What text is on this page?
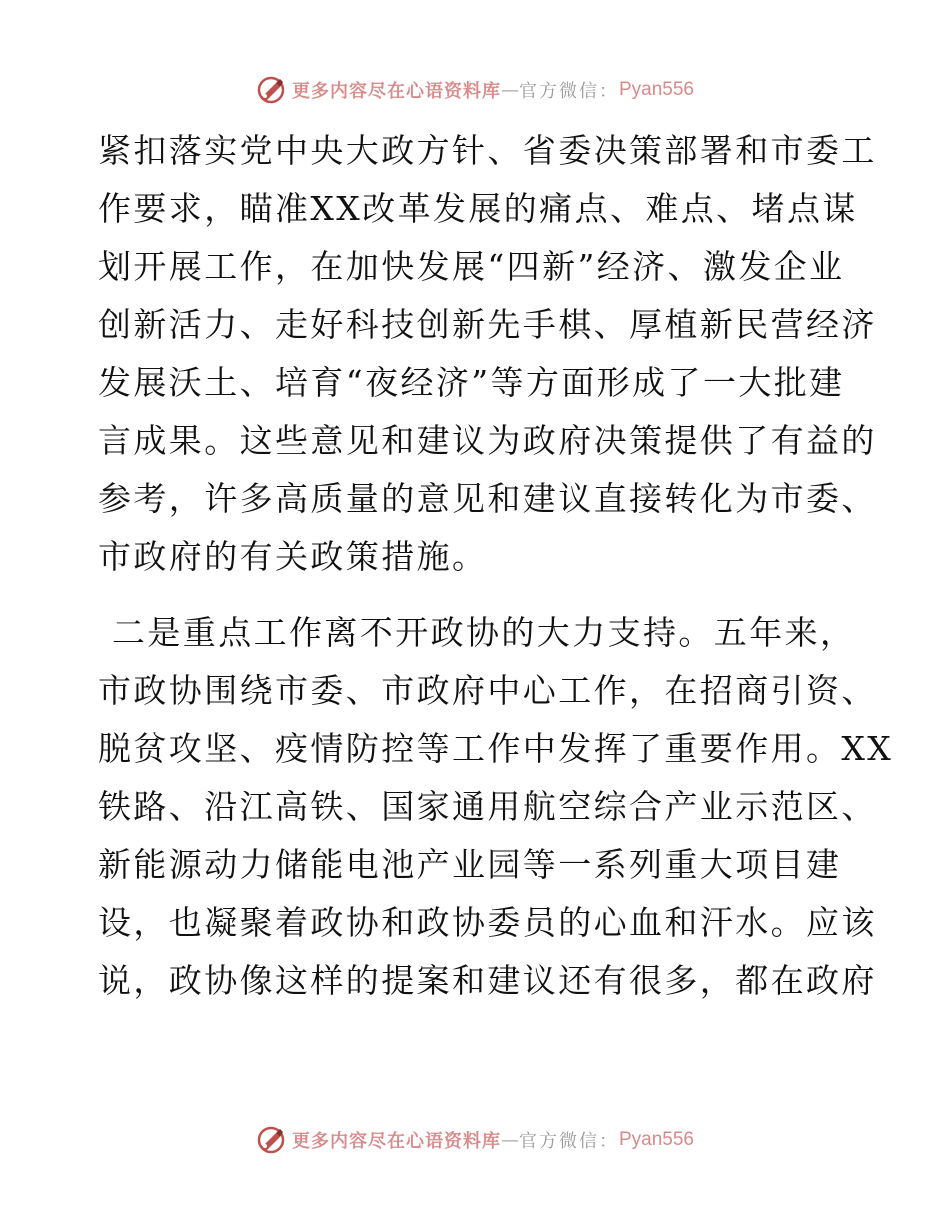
更多内容尽在心语资料库 — 官方微信： Pyan556
紧扣落实党中央大政方针、省委决策部署和市委工
作要求，瞄准XX改革发展的痛点、难点、堵点谋
划开展工作，在加快发展“四新”经济、激发企业
创新活力、走好科技创新先手棋、厚植新民营经济
发展沃土、培育“夜经济”等方面形成了一大批建
言成果。这些意见和建议为政府决策提供了有益的
参考，许多高质量的意见和建议直接转化为市委、
市政府的有关政策措施。
二是重点工作离不开政协的大力支持。五年来，
市政协围绕市委、市政府中心工作，在招商引资、
脱贫攻坚、疫情防控等工作中发挥了重要作用。XX
铁路、沿江高铁、国家通用航空综合产业示范区、
新能源动力储能电池产业园等一系列重大项目建
设，也凝聚着政协和政协委员的心血和汗水。应该
说，政协像这样的提案和建议还有很多，都在政府
更多内容尽在心语资料库 — 官方微信： Pyan556
